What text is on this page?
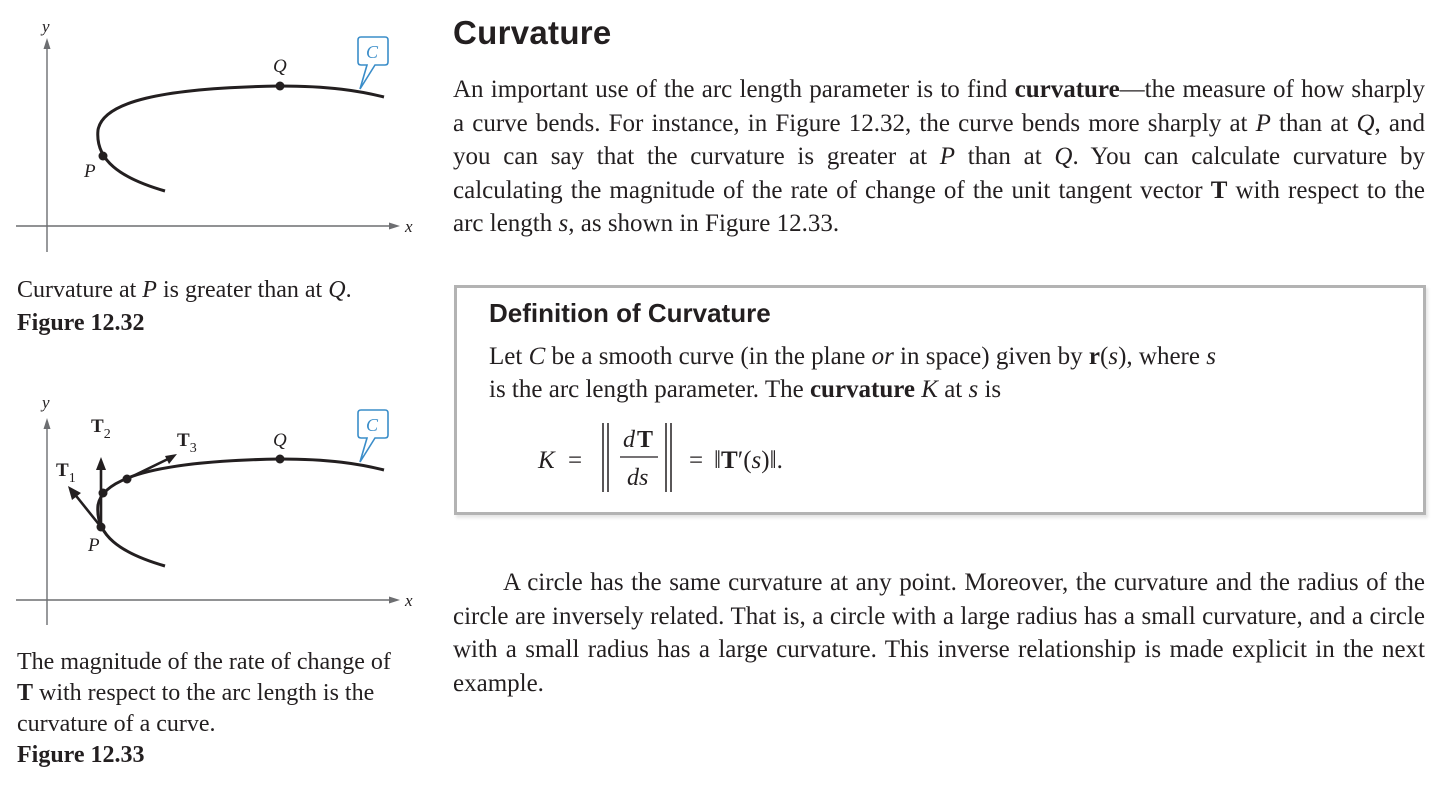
y
x
P
Q
C
Curvature at P is greater than at Q.
Figure 12.32
y
x
P
Q
$T_1$
$T_2$	$T_3$
C
The magnitude of the rate of change of
T with respect to the arc length is the
curvature of a curve.
Figure 12.33
Curvature
An important use of the arc length parameter is to find curvature—the measure of how sharply a curve bends. For instance, in Figure 12.32, the curve bends more sharply at P than at Q, and you can say that the curvature is greater at P than at Q. You can calculate curvature by calculating the magnitude of the rate of change of the unit tangent vector T with respect to the arc length s, as shown in Figure 12.33.
Definition of Curvature
Let C be a smooth curve (in the plane or in space) given by r(s), where s
is the arc length parameter. The curvature K at s is
K =
d T
ds
= ‖T′(s)‖.
A circle has the same curvature at any point. Moreover, the curvature and the radius of the circle are inversely related. That is, a circle with a large radius has a small curvature, and a circle with a small radius has a large curvature. This inverse relationship is made explicit in the next example.
